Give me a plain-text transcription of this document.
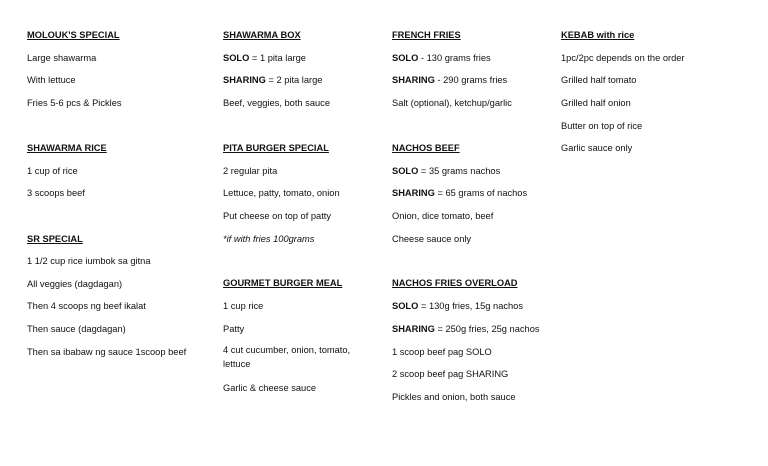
MOLOUK'S SPECIAL
Large shawarma
With lettuce
Fries 5-6 pcs & Pickles
SHAWARMA RICE
1 cup of rice
3 scoops beef
SR SPECIAL
1 1/2 cup rice iumbok sa gitna
All veggies (dagdagan)
Then 4 scoops ng beef ikalat
Then sauce (dagdagan)
Then sa ibabaw ng sauce 1scoop beef
SHAWARMA BOX
SOLO = 1 pita large
SHARING = 2 pita large
Beef, veggies, both sauce
PITA BURGER SPECIAL
2 regular pita
Lettuce, patty, tomato, onion
Put cheese on top of patty
*if with fries 100grams
GOURMET BURGER MEAL
1 cup rice
Patty
4 cut cucumber, onion, tomato, lettuce
Garlic & cheese sauce
FRENCH FRIES
SOLO - 130 grams fries
SHARING - 290 grams fries
Salt (optional), ketchup/garlic
NACHOS BEEF
SOLO = 35 grams nachos
SHARING = 65 grams of nachos
Onion, dice tomato, beef
Cheese sauce only
NACHOS FRIES OVERLOAD
SOLO = 130g fries, 15g nachos
SHARING = 250g fries, 25g nachos
1 scoop beef pag SOLO
2 scoop beef pag SHARING
Pickles and onion, both sauce
KEBAB with rice
1pc/2pc depends on the order
Grilled half tomato
Grilled half onion
Butter on top of rice
Garlic sauce only
